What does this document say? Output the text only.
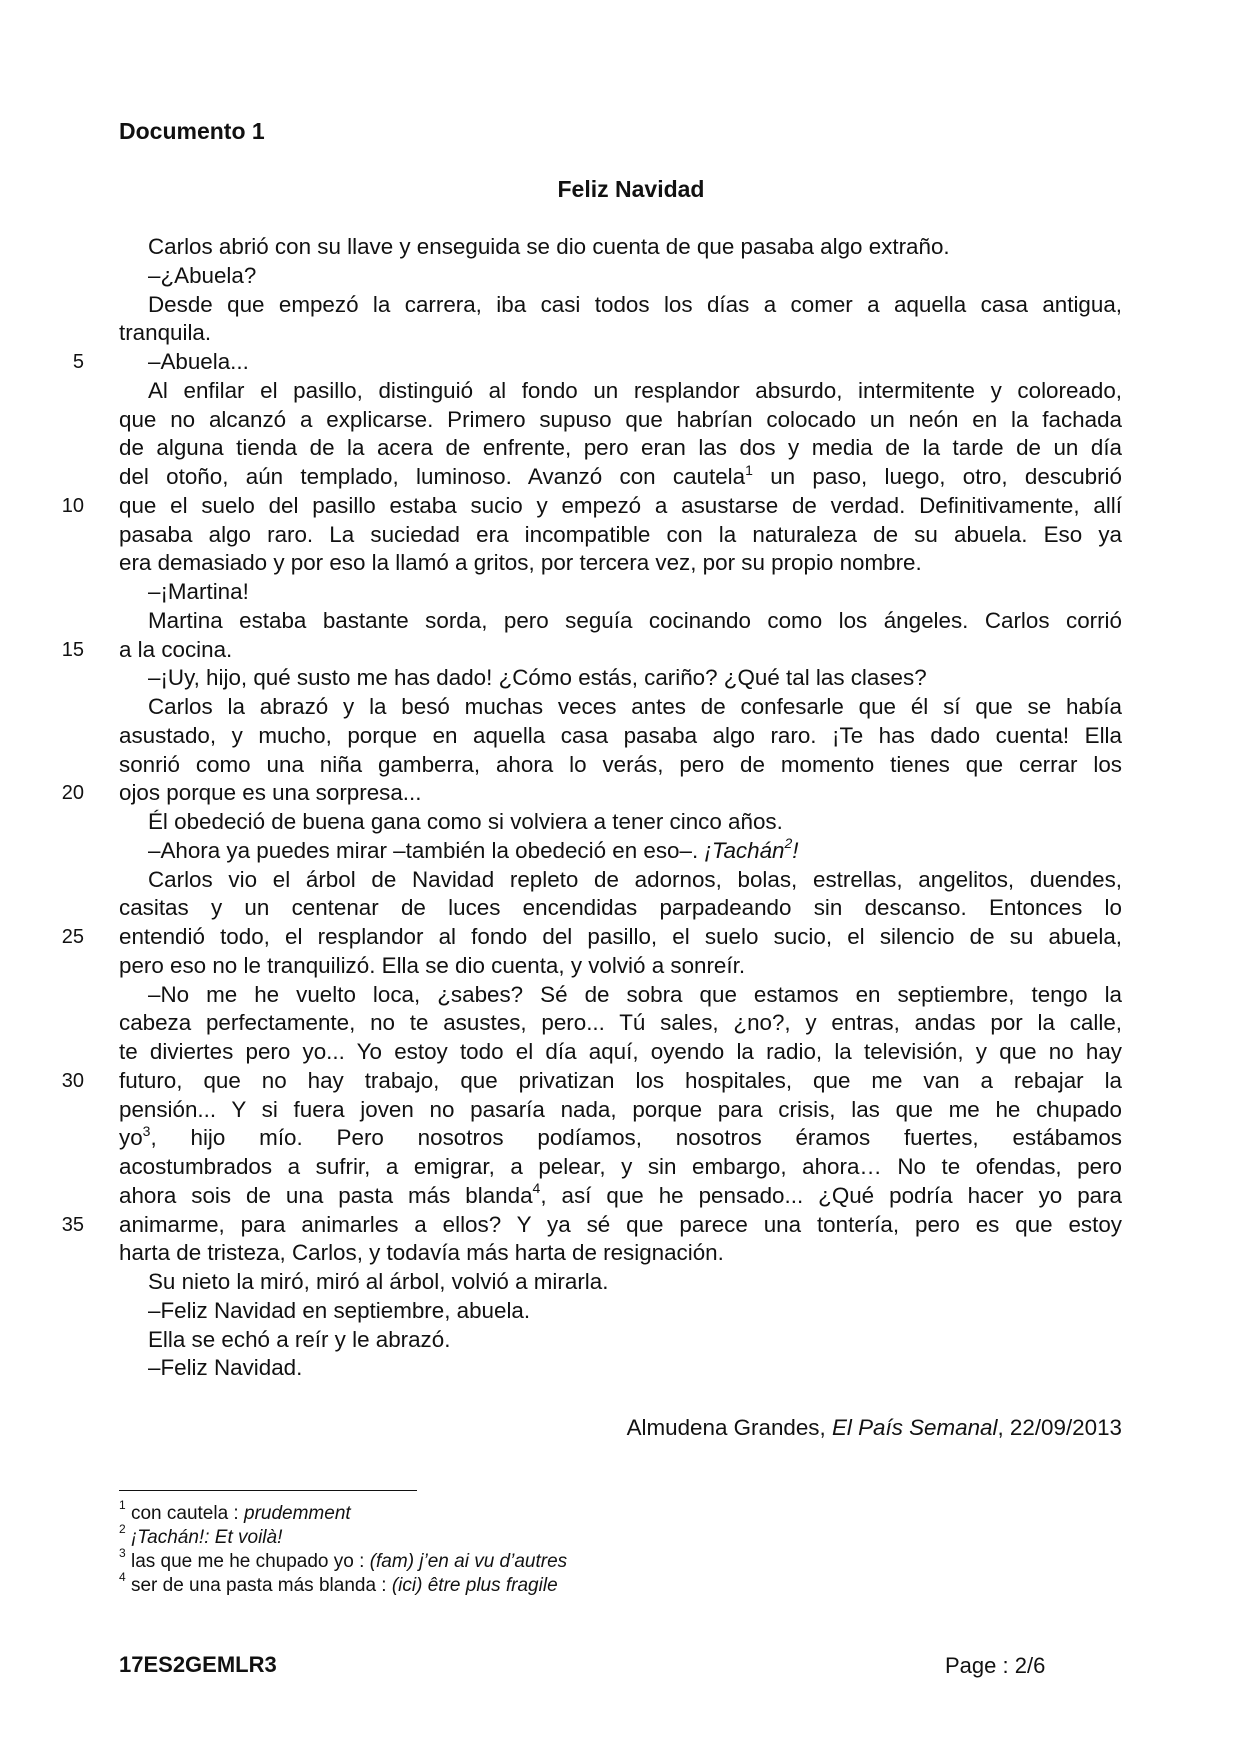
Documento 1
Feliz Navidad
Carlos abrió con su llave y enseguida se dio cuenta de que pasaba algo extraño.
–¿Abuela?
Desde que empezó la carrera, iba casi todos los días a comer a aquella casa antigua,
tranquila.
5	–Abuela...
Al enfilar el pasillo, distinguió al fondo un resplandor absurdo, intermitente y coloreado,
que no alcanzó a explicarse. Primero supuso que habrían colocado un neón en la fachada
de alguna tienda de la acera de enfrente, pero eran las dos y media de la tarde de un día
del otoño, aún templado, luminoso. Avanzó con cautela$^1$ un paso, luego, otro, descubrió
10 que el suelo del pasillo estaba sucio y empezó a asustarse de verdad. Definitivamente, allí
pasaba algo raro. La suciedad era incompatible con la naturaleza de su abuela. Eso ya
era demasiado y por eso la llamó a gritos, por tercera vez, por su propio nombre.
–¡Martina!
Martina estaba bastante sorda, pero seguía cocinando como los ángeles. Carlos corrió
15 a la cocina.
–¡Uy, hijo, qué susto me has dado! ¿Cómo estás, cariño? ¿Qué tal las clases?
Carlos la abrazó y la besó muchas veces antes de confesarle que él sí que se había
asustado, y mucho, porque en aquella casa pasaba algo raro. ¡Te has dado cuenta! Ella
sonrió como una niña gamberra, ahora lo verás, pero de momento tienes que cerrar los
20 ojos porque es una sorpresa...
Él obedeció de buena gana como si volviera a tener cinco años.
–Ahora ya puedes mirar –también la obedeció en eso–. ¡Tachán$^2$!
Carlos vio el árbol de Navidad repleto de adornos, bolas, estrellas, angelitos, duendes,
casitas y un centenar de luces encendidas parpadeando sin descanso. Entonces lo
25 entendió todo, el resplandor al fondo del pasillo, el suelo sucio, el silencio de su abuela,
pero eso no le tranquilizó. Ella se dio cuenta, y volvió a sonreír.
–No me he vuelto loca, ¿sabes? Sé de sobra que estamos en septiembre, tengo la
cabeza perfectamente, no te asustes, pero... Tú sales, ¿no?, y entras, andas por la calle,
te diviertes pero yo... Yo estoy todo el día aquí, oyendo la radio, la televisión, y que no hay
30 futuro, que no hay trabajo, que privatizan los hospitales, que me van a rebajar la
pensión... Y si fuera joven no pasaría nada, porque para crisis, las que me he chupado
$yo^3$, hijo mío. Pero nosotros podíamos, nosotros éramos fuertes, estábamos
acostumbrados a sufrir, a emigrar, a pelear, y sin embargo, ahora… No te ofendas, pero
ahora sois de una pasta más blanda$^4$, así que he pensado... ¿Qué podría hacer yo para
35 animarme, para animarles a ellos? Y ya sé que parece una tontería, pero es que estoy
harta de tristeza, Carlos, y todavía más harta de resignación.
Su nieto la miró, miró al árbol, volvió a mirarla.
–Feliz Navidad en septiembre, abuela.
Ella se echó a reír y le abrazó.
–Feliz Navidad.

Almudena Grandes, El País Semanal, 22/09/2013

$^1$ con cautela : prudemment
$^2$ ¡Tachán!: Et voilà!
$^3$ las que me he chupado yo : (fam) j’en ai vu d’autres
$^4$ ser de una pasta más blanda : (ici) être plus fragile

17ES2GEMLR3	Page : 2/6
